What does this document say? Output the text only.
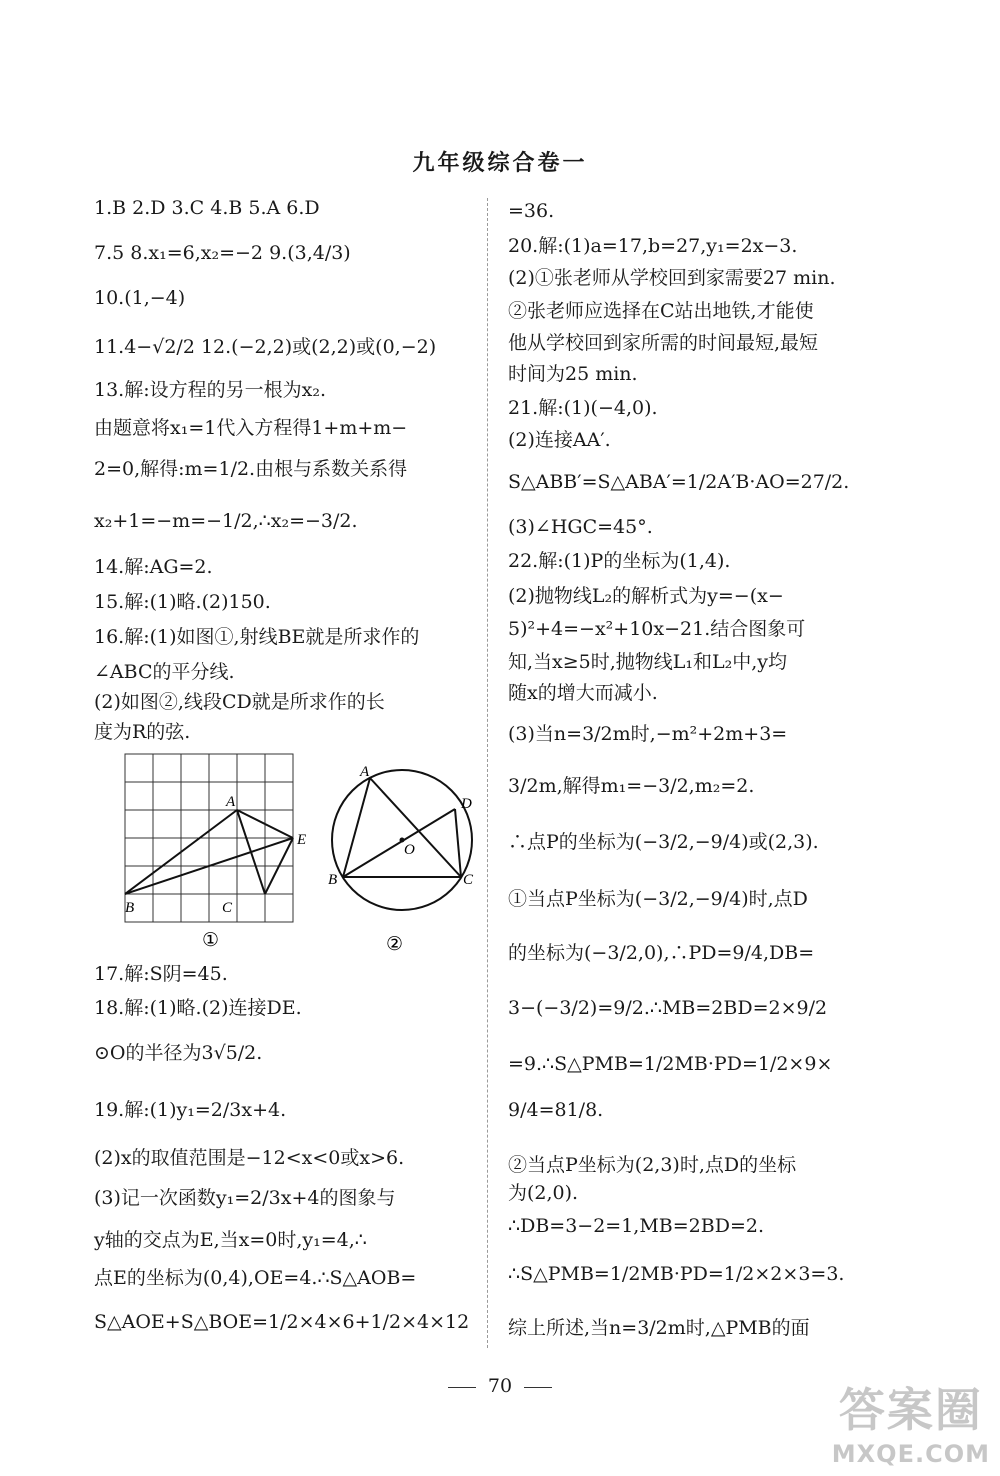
九年级综合卷一
1.B 2.D 3.C 4.B 5.A 6.D
7.5 8.x₁=6,x₂=−2 9.(3,4/3)
10.(1,−4)
11.4−√2/2 12.(−2,2)或(2,2)或(0,−2)
13.解:设方程的另一根为x₂.
由题意将x₁=1代入方程得1+m+m−
2=0,解得:m=1/2.由根与系数关系得
x₂+1=−m=−1/2,∴x₂=−3/2.
14.解:AG=2.
15.解:(1)略.(2)150.
16.解:(1)如图①,射线BE就是所求作的
∠ABC的平分线.
(2)如图②,线段CD就是所求作的长
度为R的弦.
17.解:S阴=45.
18.解:(1)略.(2)连接DE.
⊙O的半径为3√5/2.
19.解:(1)y₁=2/3x+4.
(2)x的取值范围是−12<x<0或x>6.
(3)记一次函数y₁=2/3x+4的图象与
y轴的交点为E,当x=0时,y₁=4,∴
点E的坐标为(0,4),OE=4.∴S△AOB=
S△AOE+S△BOE=1/2×4×6+1/2×4×12
=36.
20.解:(1)a=17,b=27,y₁=2x−3.
(2)①张老师从学校回到家需要27 min.
②张老师应选择在C站出地铁,才能使
他从学校回到家所需的时间最短,最短
时间为25 min.
21.解:(1)(−4,0).
(2)连接AA′.
S△ABB′=S△ABA′=1/2A′B·AO=27/2.
(3)∠HGC=45°.
22.解:(1)P的坐标为(1,4).
(2)抛物线L₂的解析式为y=−(x−
5)²+4=−x²+10x−21.结合图象可
知,当x≥5时,抛物线L₁和L₂中,y均
随x的增大而减小.
(3)当n=3/2m时,−m²+2m+3=
3/2m,解得m₁=−3/2,m₂=2.
∴点P的坐标为(−3/2,−9/4)或(2,3).
①当点P坐标为(−3/2,−9/4)时,点D
的坐标为(−3/2,0),∴PD=9/4,DB=
3−(−3/2)=9/2.∴MB=2BD=2×9/2
=9.∴S△PMB=1/2MB·PD=1/2×9×
9/4=81/8.
②当点P坐标为(2,3)时,点D的坐标
为(2,0).
∴DB=3−2=1,MB=2BD=2.
∴S△PMB=1/2MB·PD=1/2×2×3=3.
综上所述,当n=3/2m时,△PMB的面
A
B	C
E
①
A
B	C
D
O
②
70	答案圈
MXQE.COM
